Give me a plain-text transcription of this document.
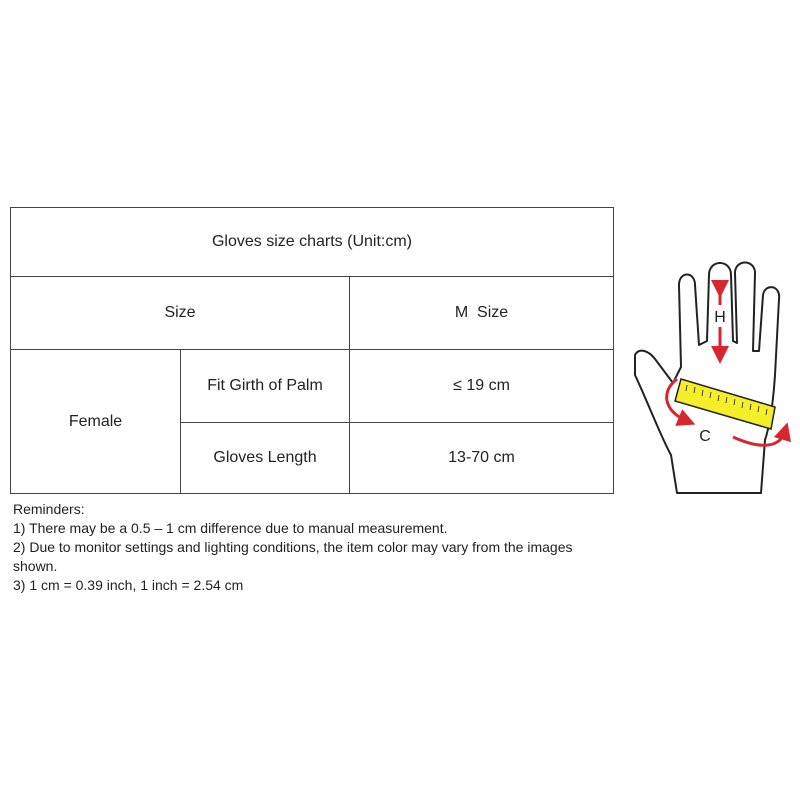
Gloves size charts (Unit:cm)
Size	M  Size
Female
Fit Girth of Palm	≤ 19 cm
Gloves Length	13-70 cm
Reminders:
1) There may be a 0.5 – 1 cm difference due to manual measurement.
2) Due to monitor settings and lighting conditions, the item color may vary from the images shown.
3) 1 cm = 0.39 inch, 1 inch = 2.54 cm
H
C
